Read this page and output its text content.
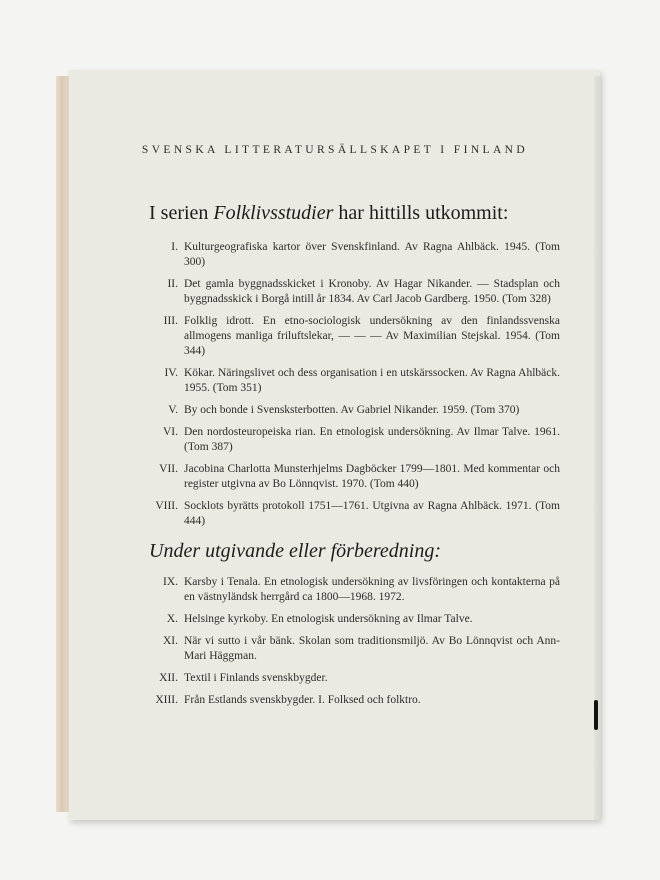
SVENSKA LITTERATURSÄLLSKAPET I FINLAND
I serien Folklivsstudier har hittills utkommit:
I. Kulturgeografiska kartor över Svenskfinland. Av Ragna Ahlbäck. 1945. (Tom 300)
II. Det gamla byggnadsskicket i Kronoby. Av Hagar Nikander. — Stadsplan och byggnadsskick i Borgå intill år 1834. Av Carl Jacob Gardberg. 1950. (Tom 328)
III. Folklig idrott. En etno-sociologisk undersökning av den finlandssvenska allmogens manliga friluftslekar, — — — Av Maximilian Stejskal. 1954. (Tom 344)
IV. Kökar. Näringslivet och dess organisation i en utskärssocken. Av Ragna Ahlbäck. 1955. (Tom 351)
V. By och bonde i Svensksterbotten. Av Gabriel Nikander. 1959. (Tom 370)
VI. Den nordosteuropeiska rian. En etnologisk undersökning. Av Ilmar Talve. 1961. (Tom 387)
VII. Jacobina Charlotta Munsterhjelms Dagböcker 1799—1801. Med kommentar och register utgivna av Bo Lönnqvist. 1970. (Tom 440)
VIII. Socklots byrätts protokoll 1751—1761. Utgivna av Ragna Ahlbäck. 1971. (Tom 444)
Under utgivande eller förberedning:
IX. Karsby i Tenala. En etnologisk undersökning av livsföringen och kontakterna på en västnyländsk herrgård ca 1800—1968. 1972.
X. Helsinge kyrkoby. En etnologisk undersökning av Ilmar Talve.
XI. När vi sutto i vår bänk. Skolan som traditionsmiljö. Av Bo Lönnqvist och Ann-Mari Häggman.
XII. Textil i Finlands svenskbygder.
XIII. Från Estlands svenskbygder. I. Folksed och folktro.
